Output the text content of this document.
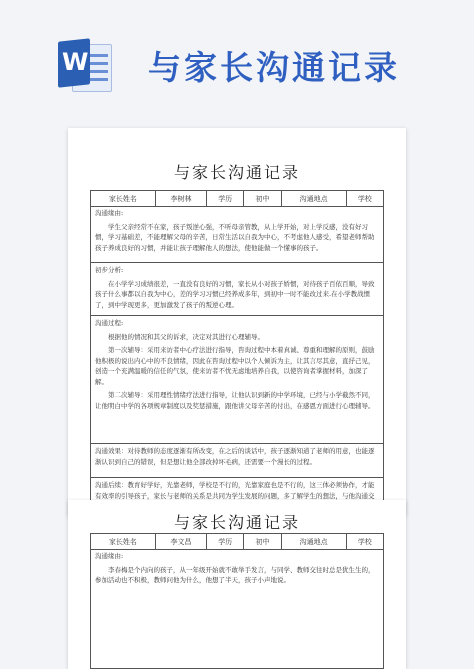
W 与家长沟通记录
与家长沟通记录
家长姓名	李树林	学历	初中	沟通地点	学校
沟通缘由:

学生父亲经常不在家，孩子叛逆心强，不听母亲管教，从上学开始，对上学反感，没有好习惯，学习基础差，不能理解父母的辛苦，日常生活以自我为中心，不考虑他人感受，希望老师帮助孩子养成良好的习惯，并能让孩子理解他人的想法，使他能做一个懂事的孩子。

初步分析:

在小学学习成绩很差，一直没有良好的习惯，家长从小对孩子娇惯，对待孩子百依百顺，导致孩子什么事都以自我为中心，差的学习习惯已经养成多年，到初中一时不能改过来.在小学教战惯了，到中学现更多，更加激发了孩子的叛逆心理。

沟通过程:

根据他的情况和其父的诉求，决定对其进行心理辅导。

第一次辅导：采用来访者中心疗法进行指导，咨询过程中本着真诚、尊重和理解的原则，鼓励他积极的说出内心中的不良情绪，因此在咨询过程中以个人倾诉为主，让其言尽其意，直抒己见，创造一个充满温暖的信任的气氛，使来访者不忧无虑地培养自我，以使咨询者掌握材料，加深了解。

第二次辅导：采用理性情绪疗法进行指导，让他认识到新的中学环境，已经与小学截然不同，让他明白中学的各项规章制度以及奖惩措施，跟他讲父母辛苦的付出，在感恩方面进行心理辅导。

沟通效果：对待教师的态度逐渐有所改变，在之后的谈话中，孩子逐渐知道了老师的用意，也能逐渐认识到自己的错误，但是想让他全部改掉坏毛病，还需要一个漫长的过程。
沟通后续：教育好学好，光靠老师，学校是不行的，光靠家庭也是不行的，这三体必须协作，才能有效率的引导孩子，家长与老师的关系是共同为学生发展的问题，多了解学生的想法，与他沟通交
与家长沟通记录
家长姓名	李文昌	学历	初中	沟通地点	学校
沟通缘由:

李春梅是个内向的孩子，从一年级开始就不敢举手发言，与同学、教师交往时总是犹生生的，参加活动也不积极，教师问他为什么，他想了半天，孩子小声地说。
